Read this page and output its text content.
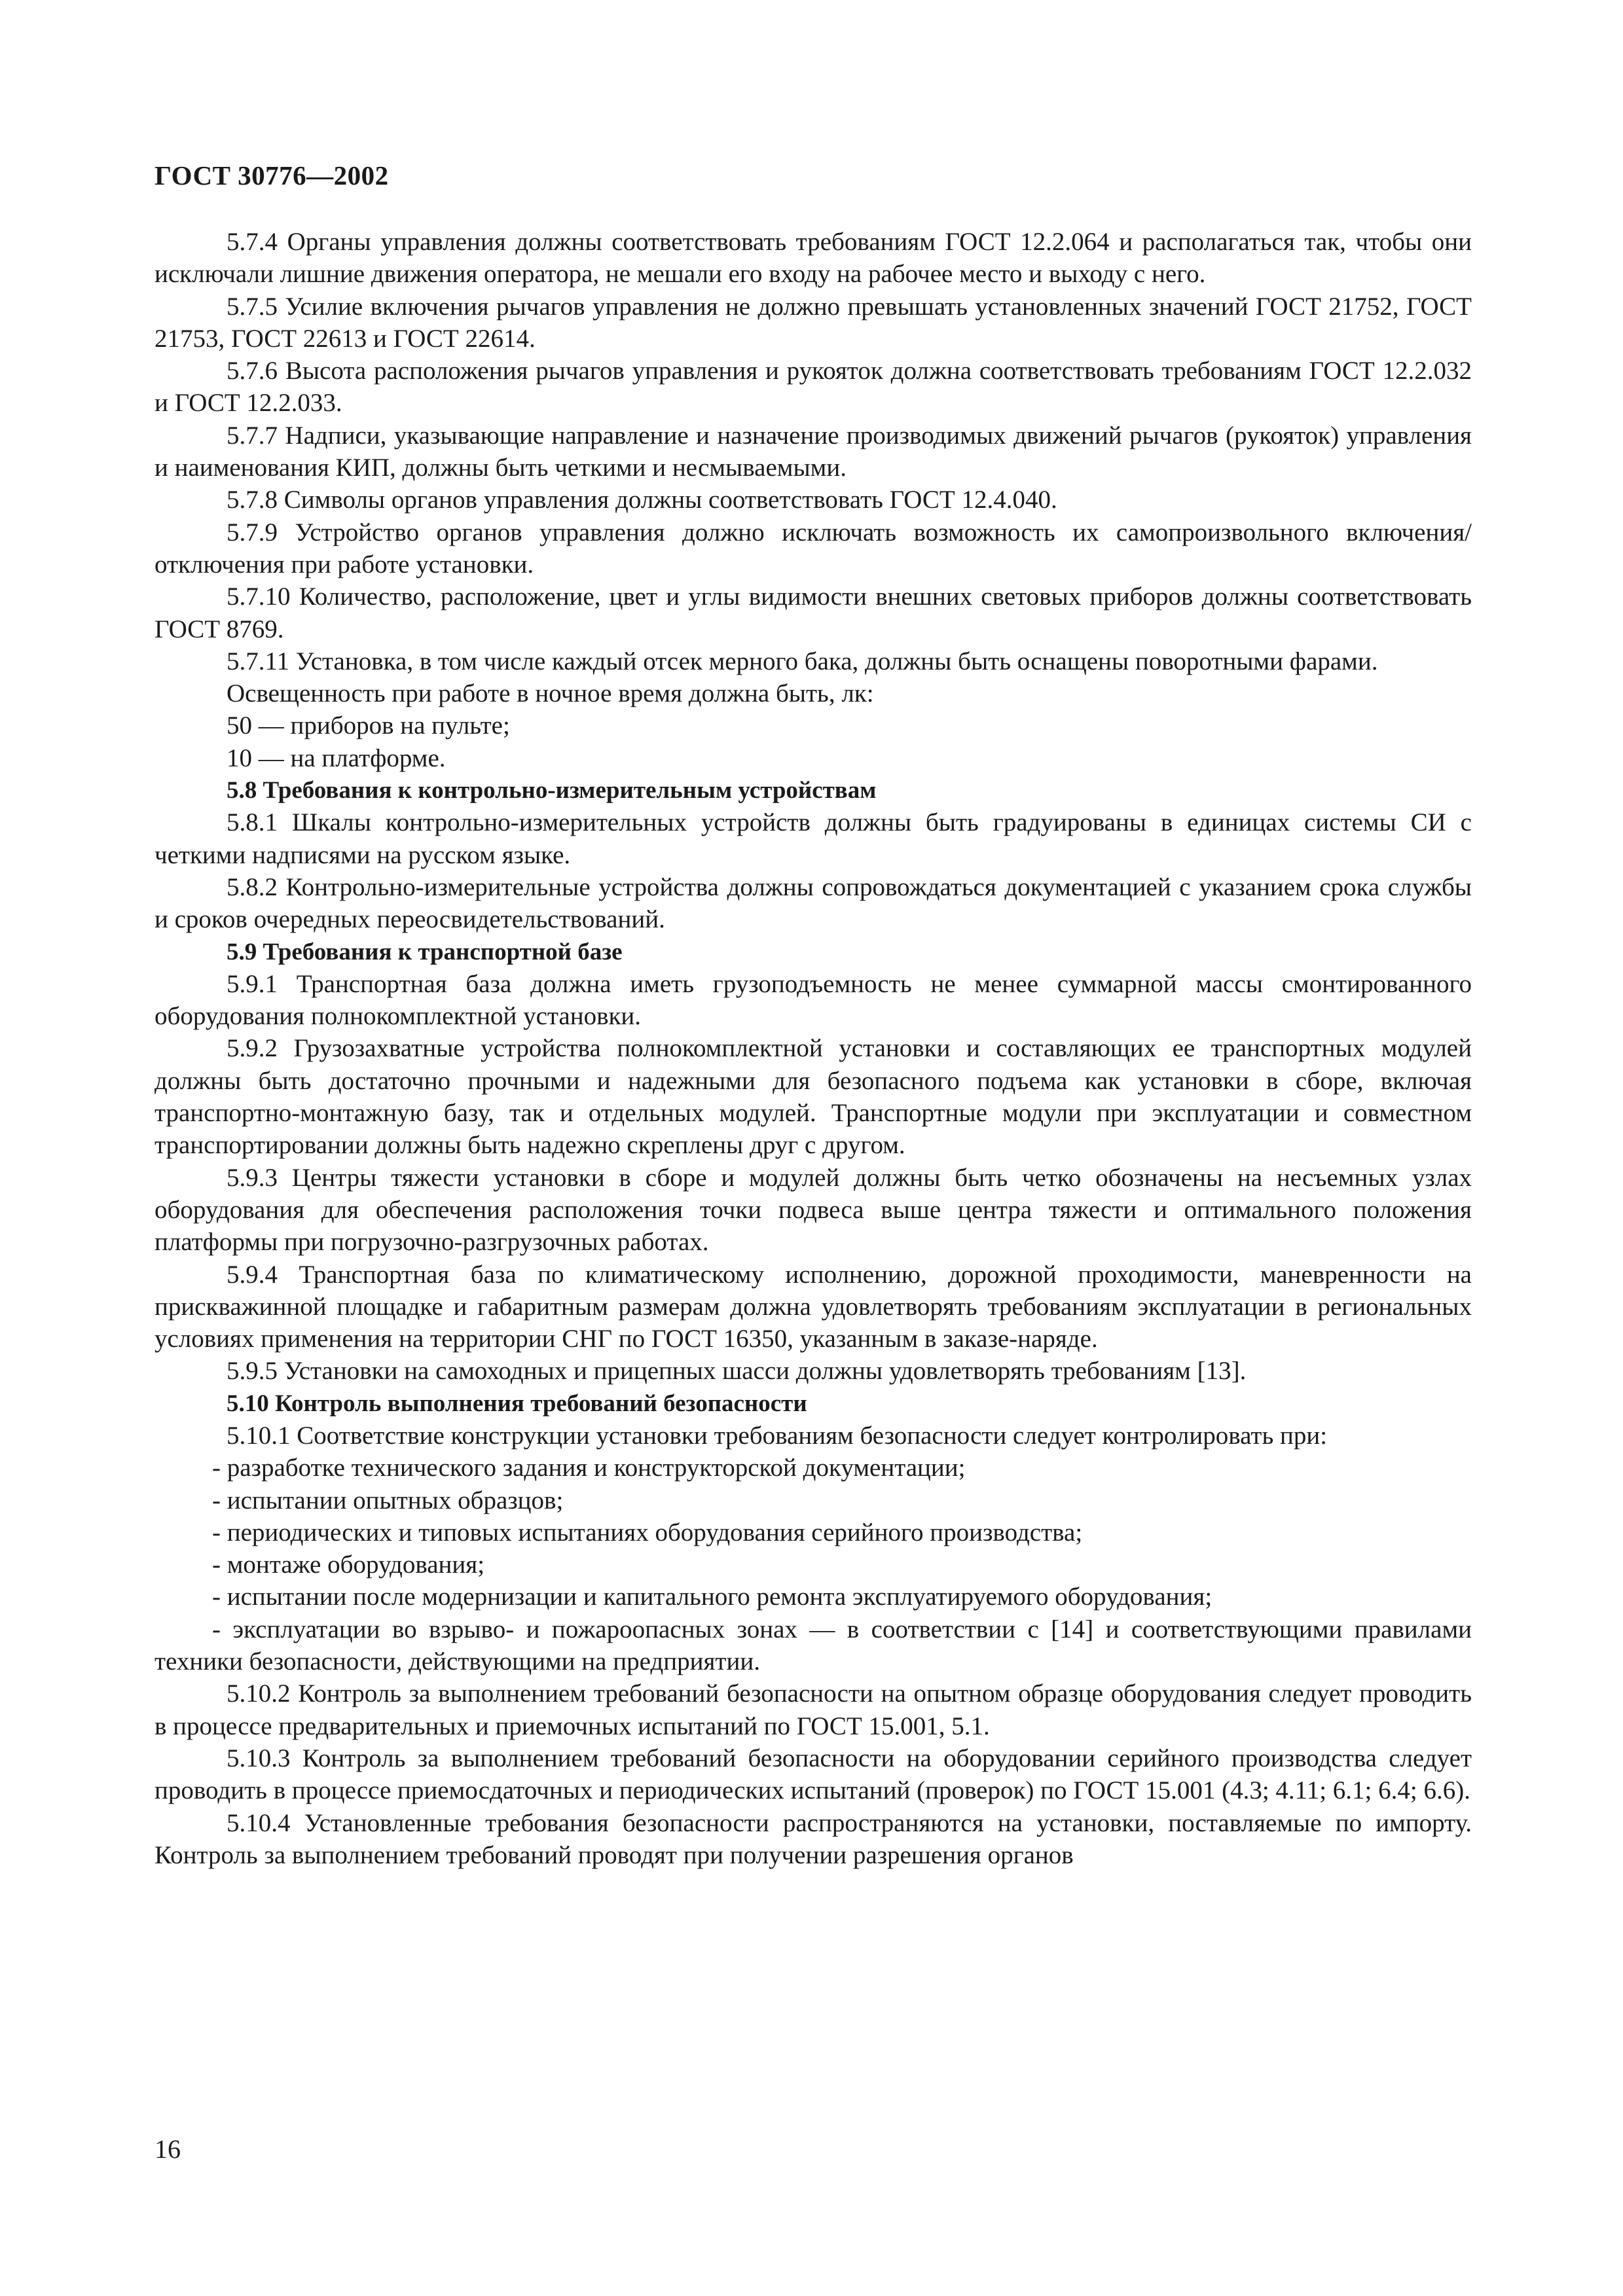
ГОСТ 30776—2002

5.7.4 Органы управления должны соответствовать требованиям ГОСТ 12.2.064 и располагаться так, чтобы они исключали лишние движения оператора, не мешали его входу на рабочее место и выходу с него.

5.7.5 Усилие включения рычагов управления не должно превышать установленных значений ГОСТ 21752, ГОСТ 21753, ГОСТ 22613 и ГОСТ 22614.

5.7.6 Высота расположения рычагов управления и рукояток должна соответствовать требованиям ГОСТ 12.2.032 и ГОСТ 12.2.033.

5.7.7 Надписи, указывающие направление и назначение производимых движений рычагов (рукояток) управления и наименования КИП, должны быть четкими и несмываемыми.

5.7.8 Символы органов управления должны соответствовать ГОСТ 12.4.040.

5.7.9 Устройство органов управления должно исключать возможность их самопроизвольного включения/отключения при работе установки.

5.7.10 Количество, расположение, цвет и углы видимости внешних световых приборов должны соответствовать ГОСТ 8769.

5.7.11 Установка, в том числе каждый отсек мерного бака, должны быть оснащены поворотными фарами.

Освещенность при работе в ночное время должна быть, лк:

50 — приборов на пульте;

10 — на платформе.

5.8 Требования к контрольно-измерительным устройствам

5.8.1 Шкалы контрольно-измерительных устройств должны быть градуированы в единицах системы СИ с четкими надписями на русском языке.

5.8.2 Контрольно-измерительные устройства должны сопровождаться документацией с указанием срока службы и сроков очередных переосвидетельствований.

5.9 Требования к транспортной базе

5.9.1 Транспортная база должна иметь грузоподъемность не менее суммарной массы смонтированного оборудования полнокомплектной установки.

5.9.2 Грузозахватные устройства полнокомплектной установки и составляющих ее транспортных модулей должны быть достаточно прочными и надежными для безопасного подъема как установки в сборе, включая транспортно-монтажную базу, так и отдельных модулей. Транспортные модули при эксплуатации и совместном транспортировании должны быть надежно скреплены друг с другом.

5.9.3 Центры тяжести установки в сборе и модулей должны быть четко обозначены на несъемных узлах оборудования для обеспечения расположения точки подвеса выше центра тяжести и оптимального положения платформы при погрузочно-разгрузочных работах.

5.9.4 Транспортная база по климатическому исполнению, дорожной проходимости, маневренности на прискважинной площадке и габаритным размерам должна удовлетворять требованиям эксплуатации в региональных условиях применения на территории СНГ по ГОСТ 16350, указанным в заказе-наряде.

5.9.5 Установки на самоходных и прицепных шасси должны удовлетворять требованиям [13].

5.10 Контроль выполнения требований безопасности

5.10.1 Соответствие конструкции установки требованиям безопасности следует контролировать при:

- разработке технического задания и конструкторской документации;

- испытании опытных образцов;

- периодических и типовых испытаниях оборудования серийного производства;

- монтаже оборудования;

- испытании после модернизации и капитального ремонта эксплуатируемого оборудования;

- эксплуатации во взрыво- и пожароопасных зонах — в соответствии с [14] и соответствующими правилами техники безопасности, действующими на предприятии.

5.10.2 Контроль за выполнением требований безопасности на опытном образце оборудования следует проводить в процессе предварительных и приемочных испытаний по ГОСТ 15.001, 5.1.

5.10.3 Контроль за выполнением требований безопасности на оборудовании серийного производства следует проводить в процессе приемосдаточных и периодических испытаний (проверок) по ГОСТ 15.001 (4.3; 4.11; 6.1; 6.4; 6.6).

5.10.4 Установленные требования безопасности распространяются на установки, поставляемые по импорту. Контроль за выполнением требований проводят при получении разрешения органов

16
